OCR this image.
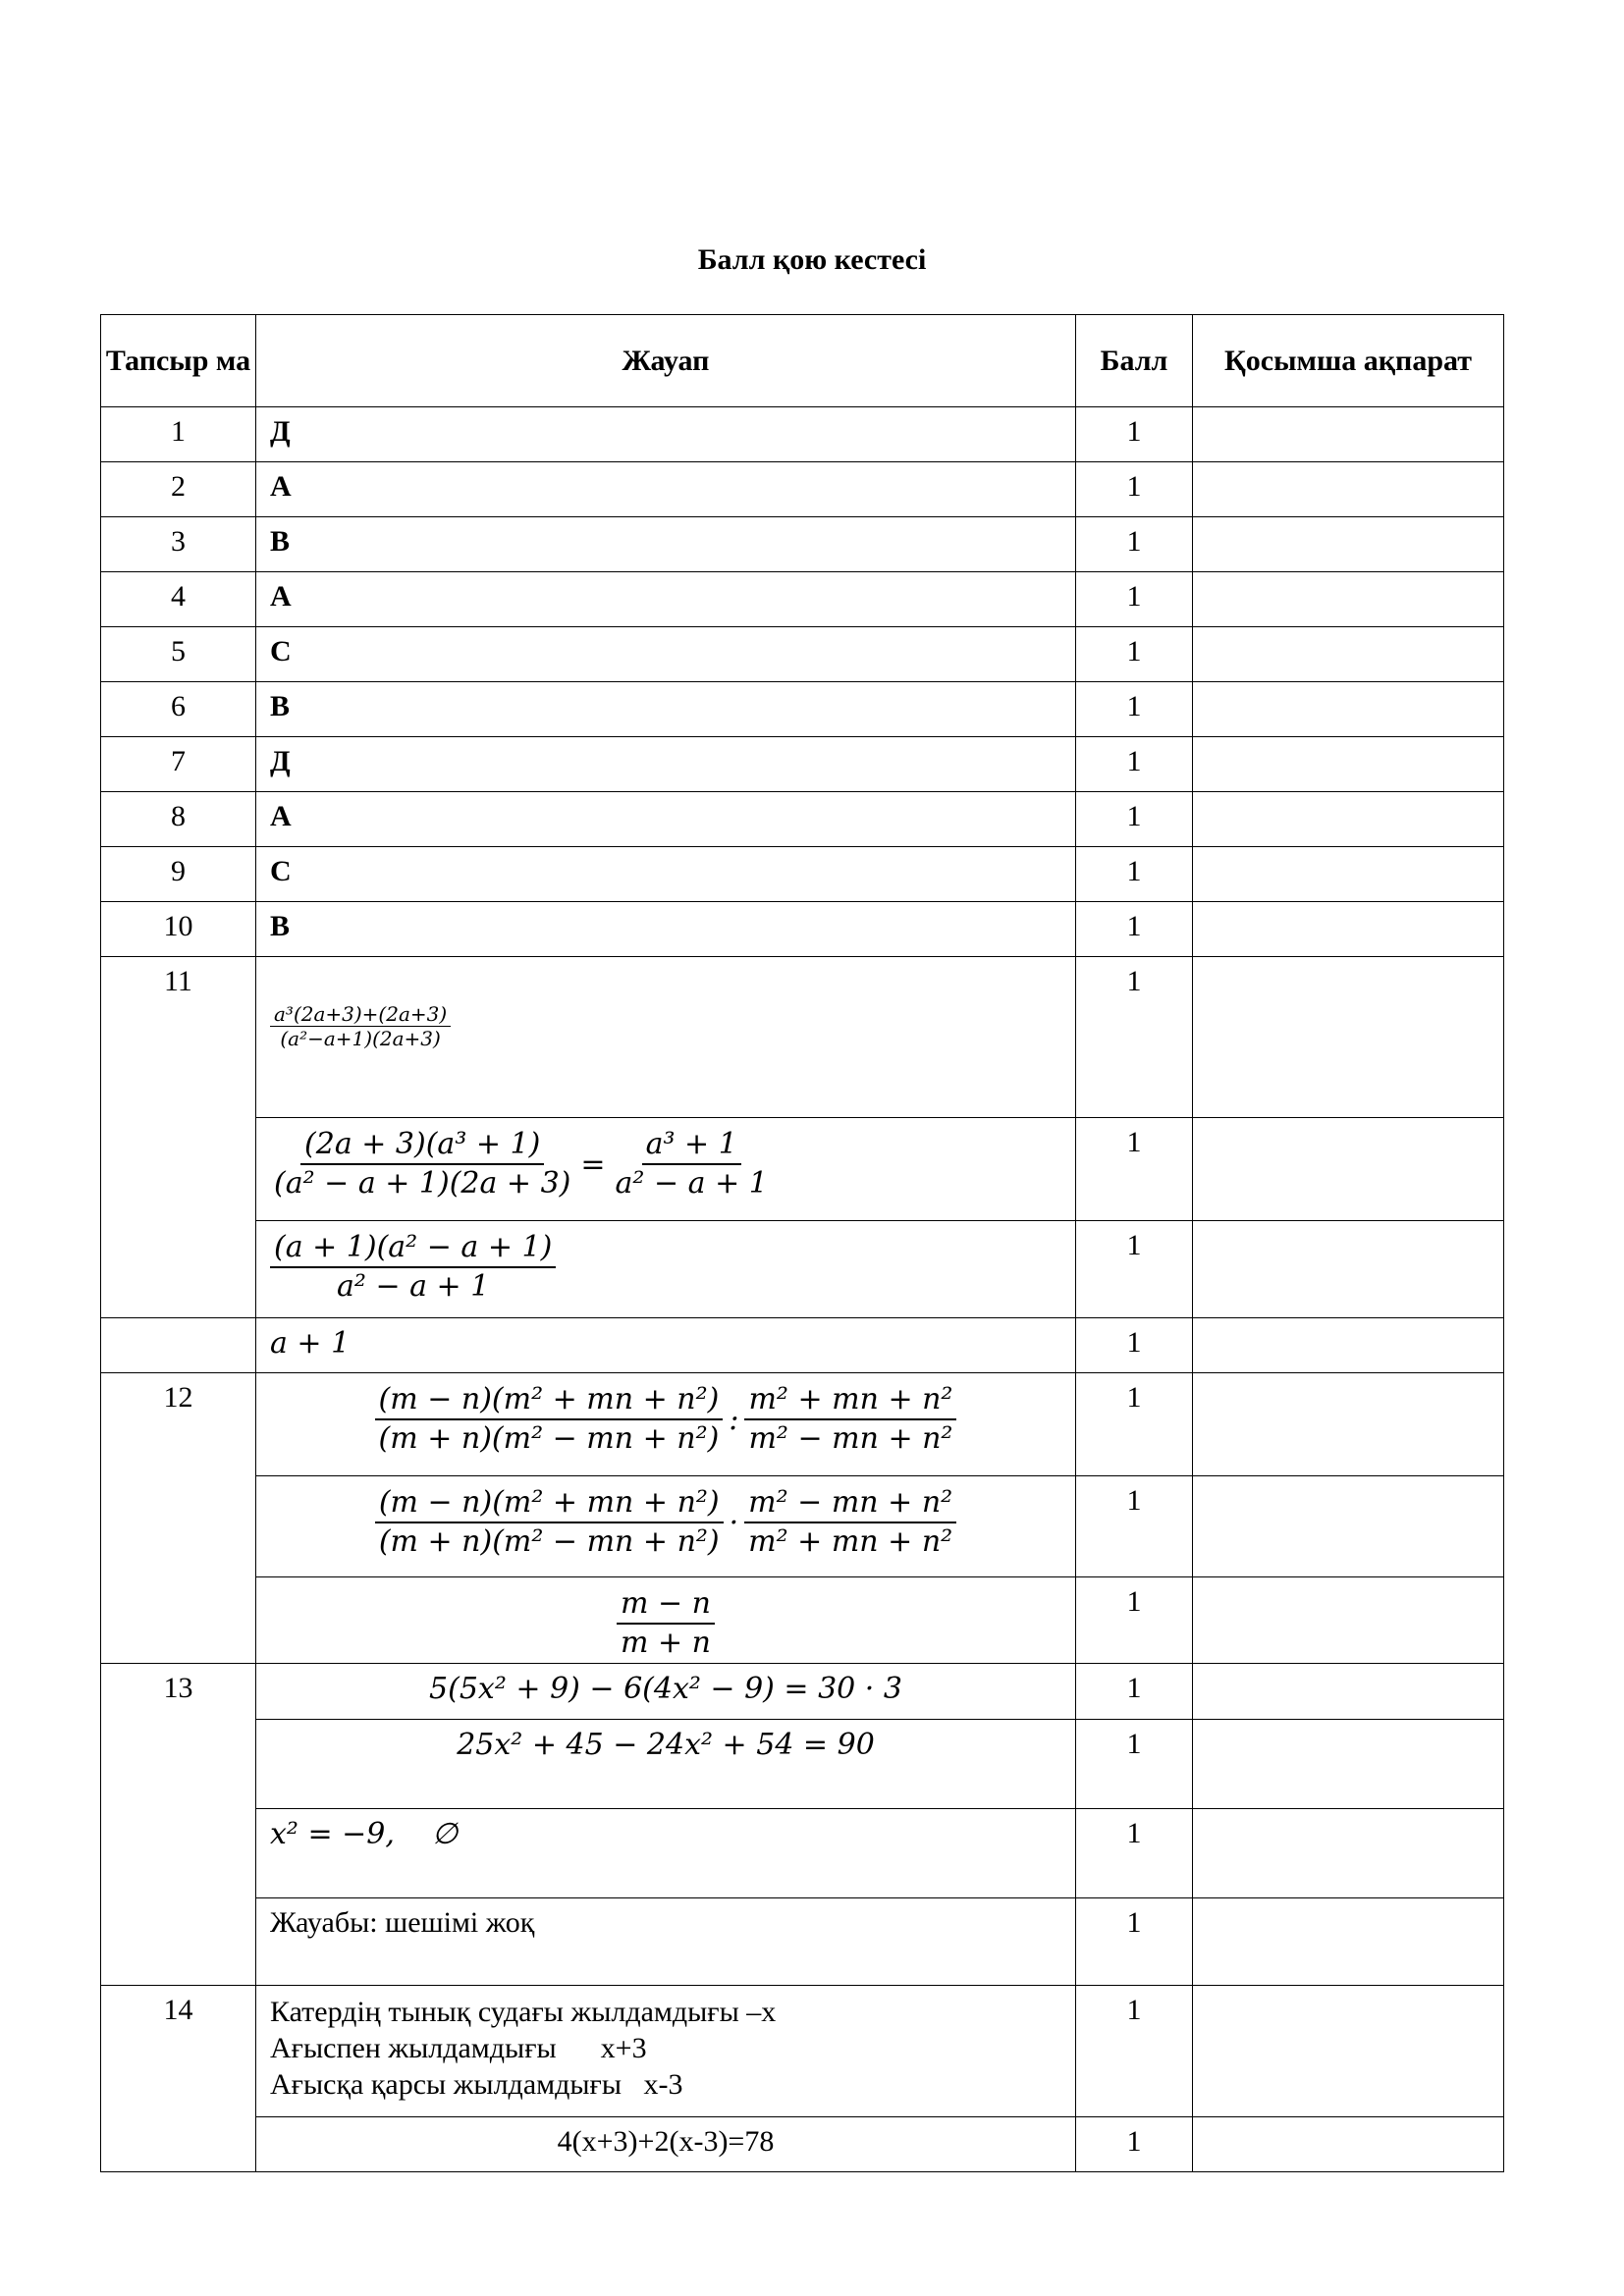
Балл қою кестесі
Тапсыр ма	Жауап	Балл	Қосымша ақпарат
1	Д	1	
2	А	1	
3	В	1	
4	А	1	
5	С	1	
6	В	1	
7	Д	1	
8	А	1	
9	С	1	
10	В	1	
11	$\frac{\text{a³(2a+3)+(2a+3)}}{\text{(a²−a+1)(2a+3)}}$	1	

	$\frac{\text{(2a + 3)(a³ + 1)}}{\text{(a² − a + 1)(2a + 3)}} = \frac{\text{a³ + 1}}{\text{a² − a + 1}}$	1	

	$\frac{\text{(a + 1)(a² − a + 1)}}{\text{a² − a + 1}}$	1	
	a + 1	1	
12	$\frac{\text{(m − n)(m² + mn + n²)}}{\text{(m + n)(m² − mn + n²)}}$ : $\frac{\text{m² + mn + n²}}{\text{m² − mn + n²}}$	1	

	$\frac{\text{(m − n)(m² + mn + n²)}}{\text{(m + n)(m² − mn + n²)}} \cdot \frac{\text{m² − mn + n²}}{\text{m² + mn + n²}}$	1	

	$\frac{m - n}{m + n}$	1	
13	5(5x² + 9) − 6(4x² − 9) = 30 · 3	1	
	25x² + 45 − 24x² + 54 = 90	1	
	x² = −9,    ∅	1	
	Жауабы: шешімі жоқ	1	
14	Катердің тынық судағы жылдамдығы –х
Ағыспен жылдамдығы      х+3
Ағысқа қарсы жылдамдығы   х-3	1	
	4(х+3)+2(х-3)=78	1	
